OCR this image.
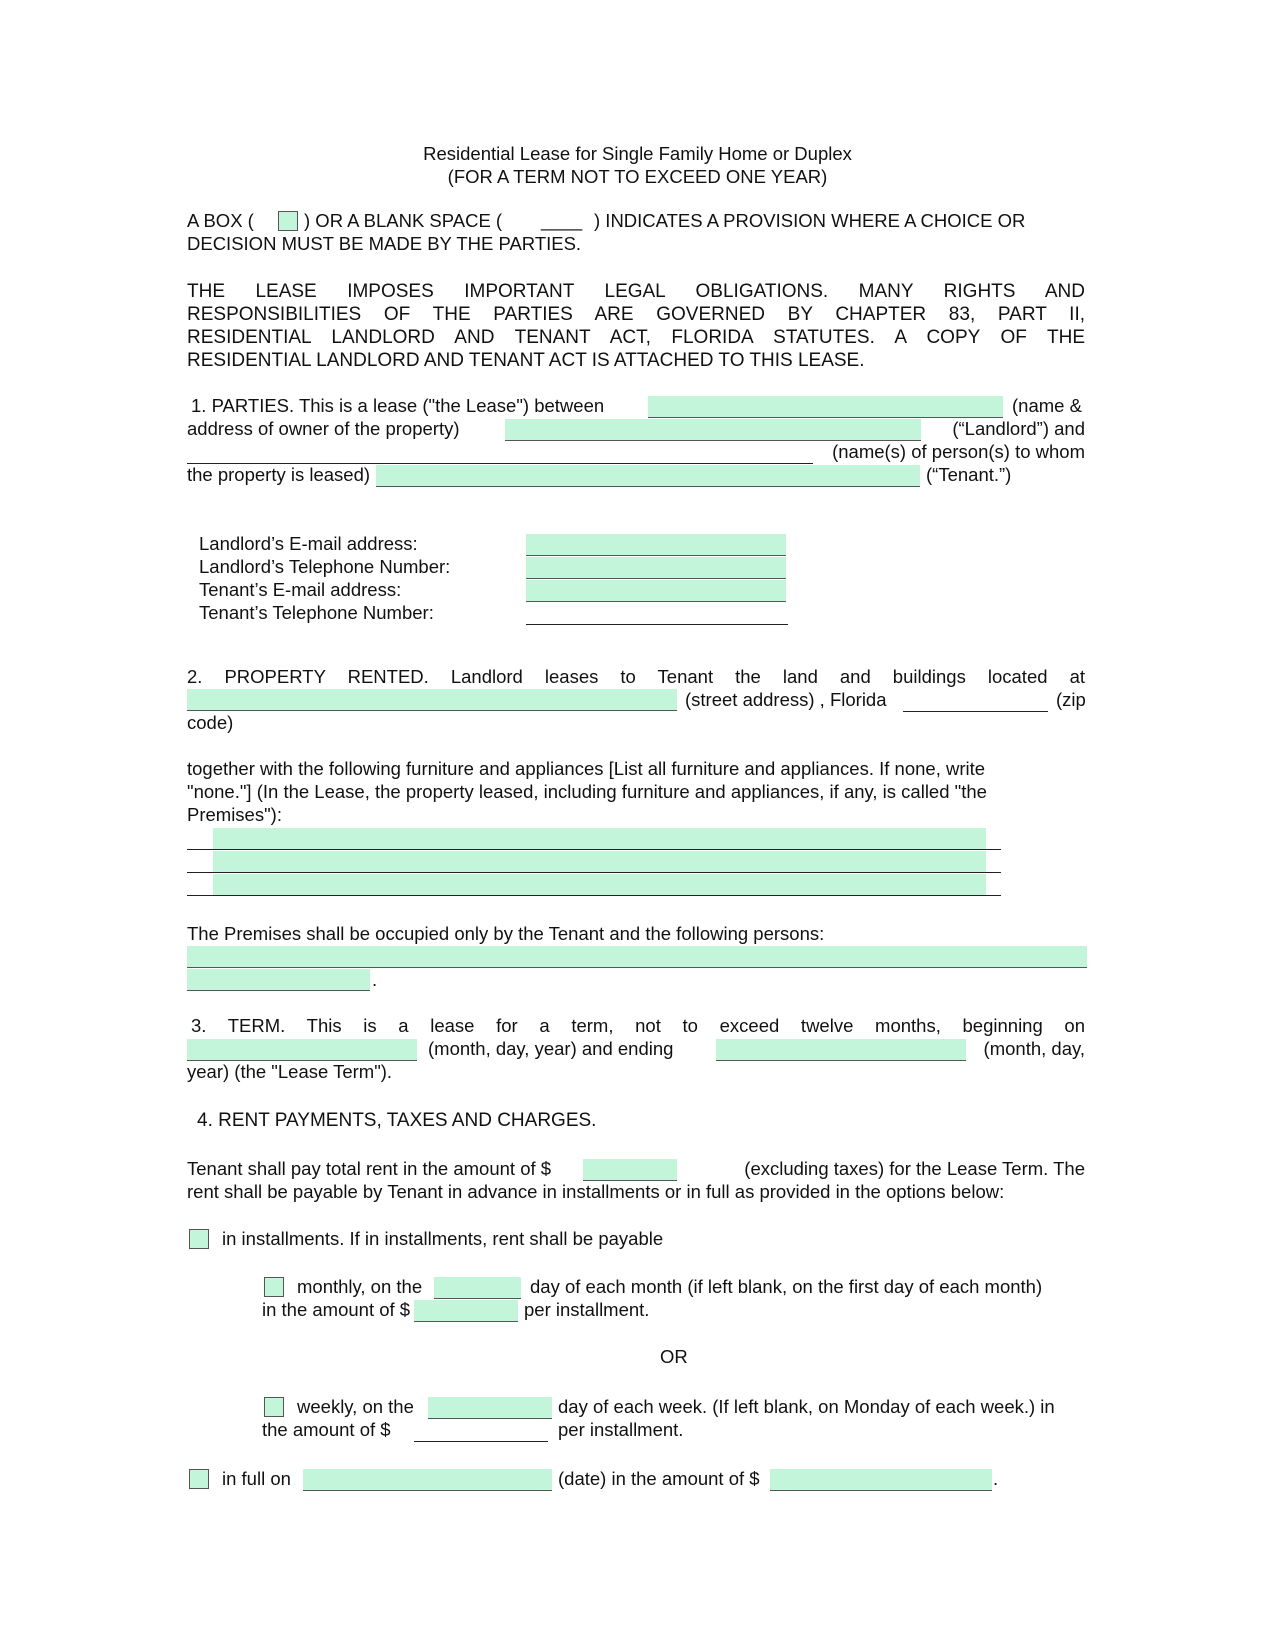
Residential Lease for Single Family Home or Duplex
(FOR A TERM NOT TO EXCEED ONE YEAR)
A BOX (	) OR A BLANK SPACE ( ____ ) INDICATES A PROVISION WHERE A CHOICE OR
DECISION MUST BE MADE BY THE PARTIES.
THE LEASE IMPOSES IMPORTANT LEGAL OBLIGATIONS. MANY RIGHTS AND
RESPONSIBILITIES OF THE PARTIES ARE GOVERNED BY CHAPTER 83, PART II,
RESIDENTIAL LANDLORD AND TENANT ACT, FLORIDA STATUTES. A COPY OF THE
RESIDENTIAL LANDLORD AND TENANT ACT IS ATTACHED TO THIS LEASE.
1. PARTIES. This is a lease ("the Lease") between	(name &
address of owner of the property)	(“Landlord”) and
(name(s) of person(s) to whom
the property is leased)	(“Tenant.”)
Landlord’s E-mail address:
Landlord’s Telephone Number:
Tenant’s E-mail address:
Tenant’s Telephone Number:
2. PROPERTY RENTED. Landlord leases to Tenant the land and buildings located at
(street address) , Florida	(zip
code)
together with the following furniture and appliances [List all furniture and appliances. If none, write
"none."] (In the Lease, the property leased, including furniture and appliances, if any, is called "the
Premises"):
The Premises shall be occupied only by the Tenant and the following persons:
.
3. TERM. This is a lease for a term, not to exceed twelve months, beginning on
(month, day, year) and ending	(month, day,
year) (the "Lease Term").
4. RENT PAYMENTS, TAXES AND CHARGES.
Tenant shall pay total rent in the amount of $	(excluding taxes) for the Lease Term. The
rent shall be payable by Tenant in advance in installments or in full as provided in the options below:
in installments. If in installments, rent shall be payable
monthly, on the	day of each month (if left blank, on the first day of each month)
in the amount of $	per installment.
OR
weekly, on the	day of each week. (If left blank, on Monday of each week.) in
the amount of $	per installment.
in full on	(date) in the amount of $	.
